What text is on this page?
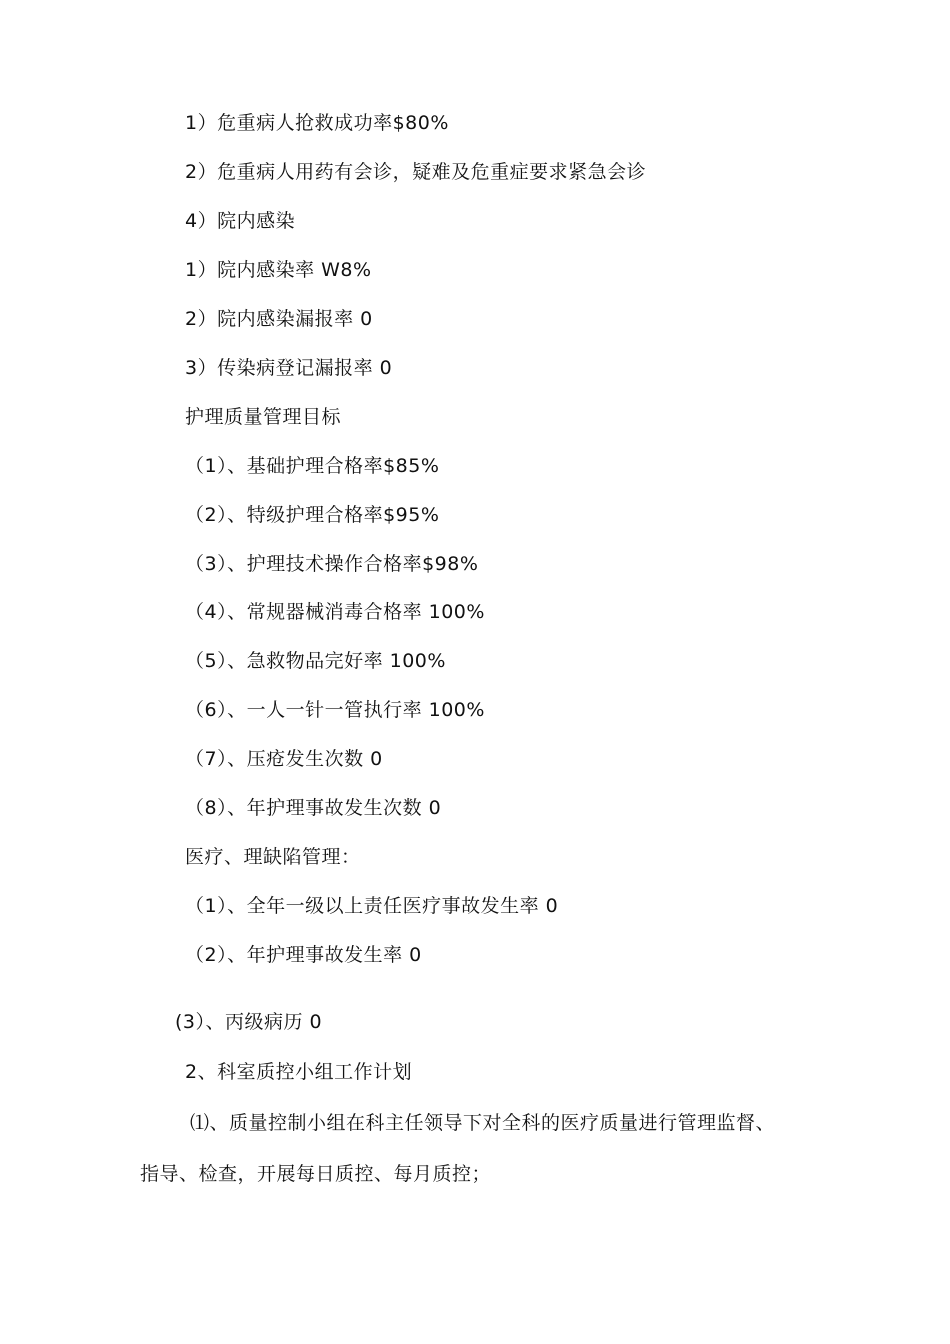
1）危重病人抢救成功率$80%
2）危重病人用药有会诊，疑难及危重症要求紧急会诊
4）院内感染
1）院内感染率 W8%
2）院内感染漏报率 0
3）传染病登记漏报率 0
护理质量管理目标
（1）、基础护理合格率$85%
（2）、特级护理合格率$95%
（3）、护理技术操作合格率$98%
（4）、常规器械消毒合格率 100%
（5）、急救物品完好率 100%
（6）、一人一针一管执行率 100%
（7）、压疮发生次数 0
（8）、年护理事故发生次数 0
医疗、理缺陷管理：
（1）、全年一级以上责任医疗事故发生率 0
（2）、年护理事故发生率 0
(3）、丙级病历 0
2、科室质控小组工作计划
⑴、质量控制小组在科主任领导下对全科的医疗质量进行管理监督、
指导、检查，开展每日质控、每月质控；
